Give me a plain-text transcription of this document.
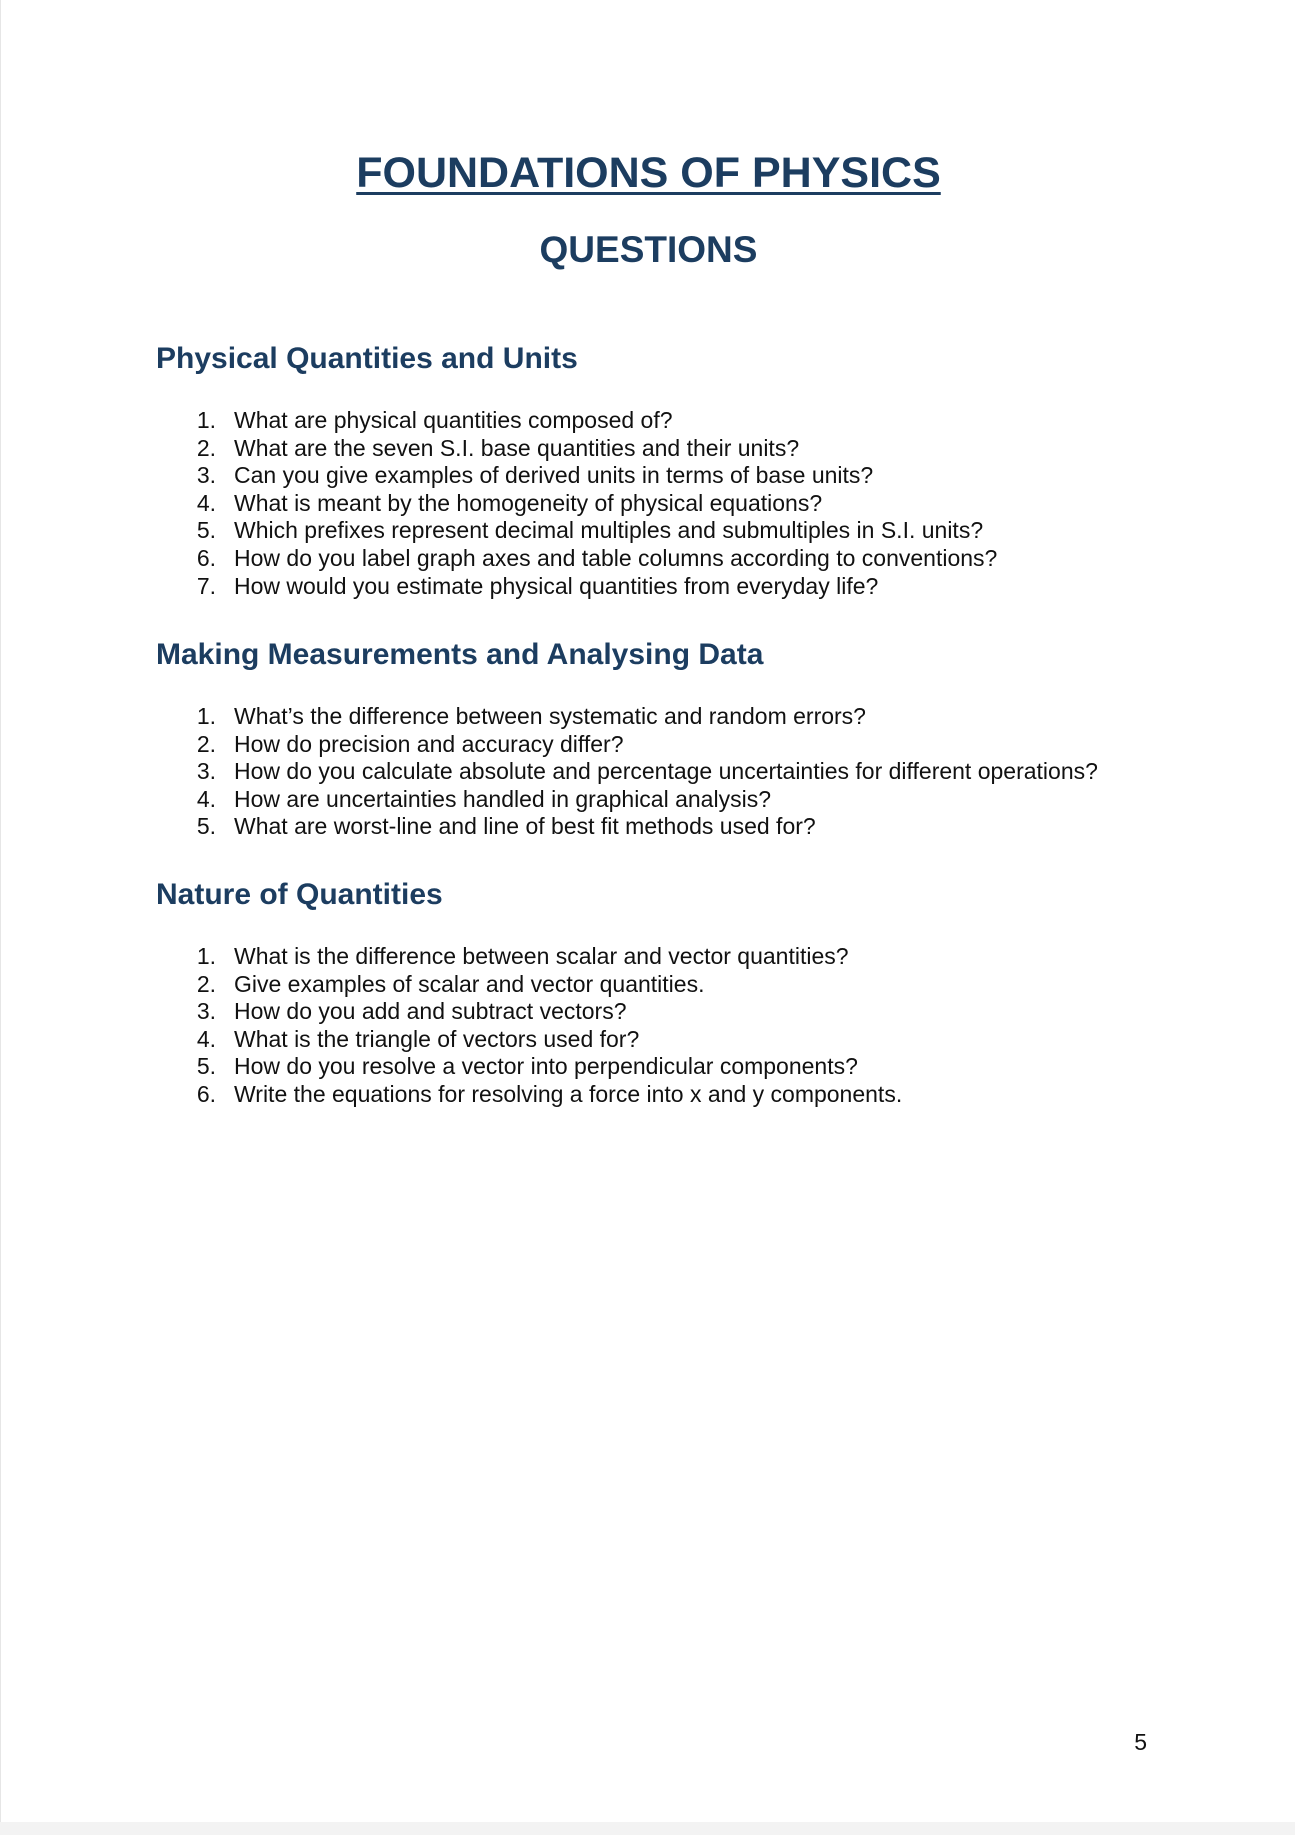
FOUNDATIONS OF PHYSICS
QUESTIONS
Physical Quantities and Units
1. What are physical quantities composed of?
2. What are the seven S.I. base quantities and their units?
3. Can you give examples of derived units in terms of base units?
4. What is meant by the homogeneity of physical equations?
5. Which prefixes represent decimal multiples and submultiples in S.I. units?
6. How do you label graph axes and table columns according to conventions?
7. How would you estimate physical quantities from everyday life?
Making Measurements and Analysing Data
1. What’s the difference between systematic and random errors?
2. How do precision and accuracy differ?
3. How do you calculate absolute and percentage uncertainties for different operations?
4. How are uncertainties handled in graphical analysis?
5. What are worst-line and line of best fit methods used for?
Nature of Quantities
1. What is the difference between scalar and vector quantities?
2. Give examples of scalar and vector quantities.
3. How do you add and subtract vectors?
4. What is the triangle of vectors used for?
5. How do you resolve a vector into perpendicular components?
6. Write the equations for resolving a force into x and y components.
5
